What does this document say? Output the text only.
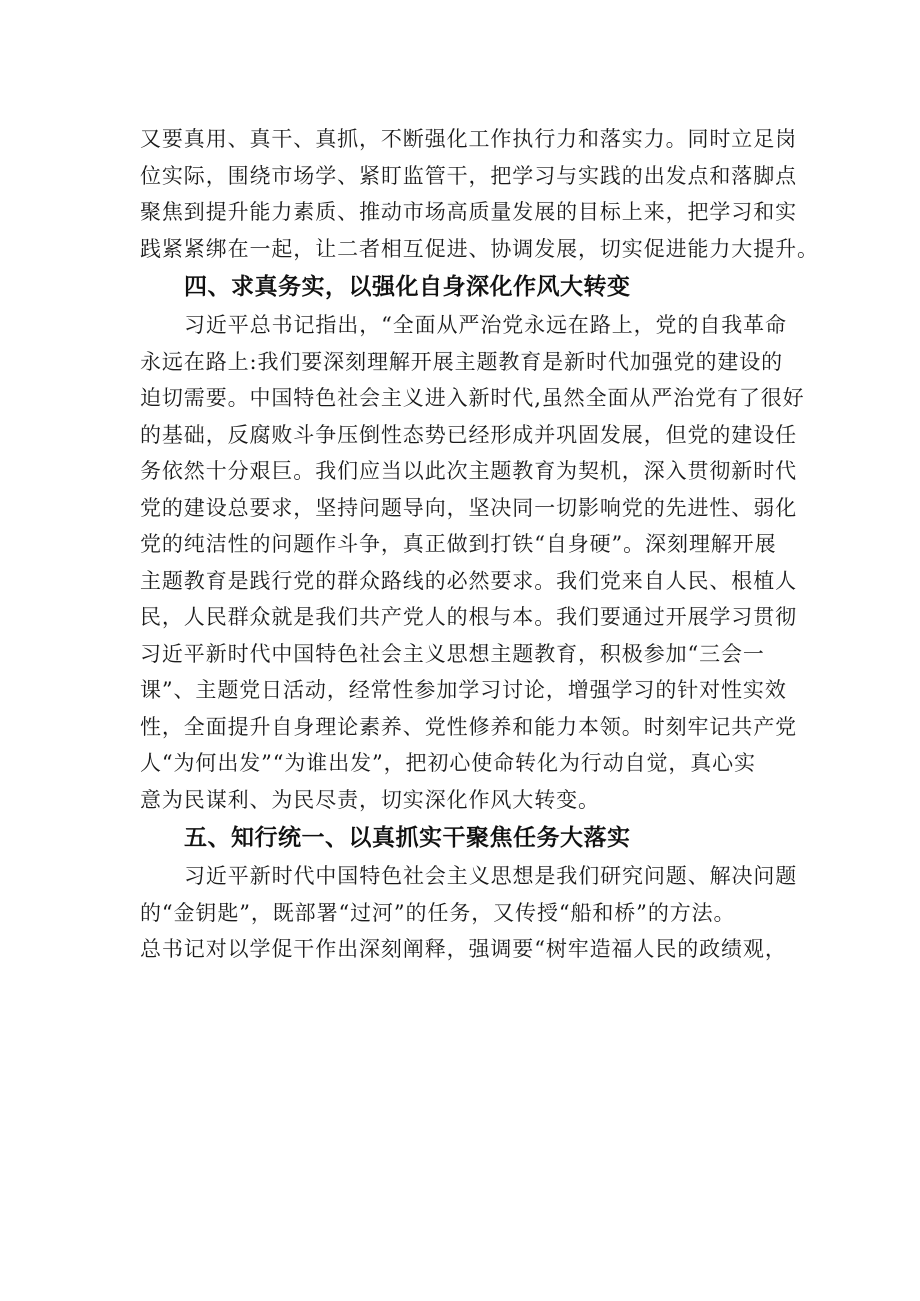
又要真用、真干、真抓，不断强化工作执行力和落实力。同时立足岗
位实际，围绕市场学、紧盯监管干，把学习与实践的出发点和落脚点
聚焦到提升能力素质、推动市场高质量发展的目标上来，把学习和实
践紧紧绑在一起，让二者相互促进、协调发展，切实促进能力大提升。
四、求真务实，以强化自身深化作风大转变
习近平总书记指出，“全面从严治党永远在路上，党的自我革命
永远在路上:我们要深刻理解开展主题教育是新时代加强党的建设的
迫切需要。中国特色社会主义进入新时代,虽然全面从严治党有了很好
的基础，反腐败斗争压倒性态势已经形成并巩固发展，但党的建设任
务依然十分艰巨。我们应当以此次主题教育为契机，深入贯彻新时代
党的建设总要求，坚持问题导向，坚决同一切影响党的先进性、弱化
党的纯洁性的问题作斗争，真正做到打铁“自身硬”。深刻理解开展
主题教育是践行党的群众路线的必然要求。我们党来自人民、根植人
民，人民群众就是我们共产党人的根与本。我们要通过开展学习贯彻
习近平新时代中国特色社会主义思想主题教育，积极参加“三会一
课”、主题党日活动，经常性参加学习讨论，增强学习的针对性实效
性，全面提升自身理论素养、党性修养和能力本领。时刻牢记共产党
人“为何出发”“为谁出发”，把初心使命转化为行动自觉，真心实
意为民谋利、为民尽责，切实深化作风大转变。
五、知行统一、以真抓实干聚焦任务大落实
习近平新时代中国特色社会主义思想是我们研究问题、解决问题
的“金钥匙”，既部署“过河”的任务，又传授“船和桥”的方法。
总书记对以学促干作出深刻阐释，强调要“树牢造福人民的政绩观，
